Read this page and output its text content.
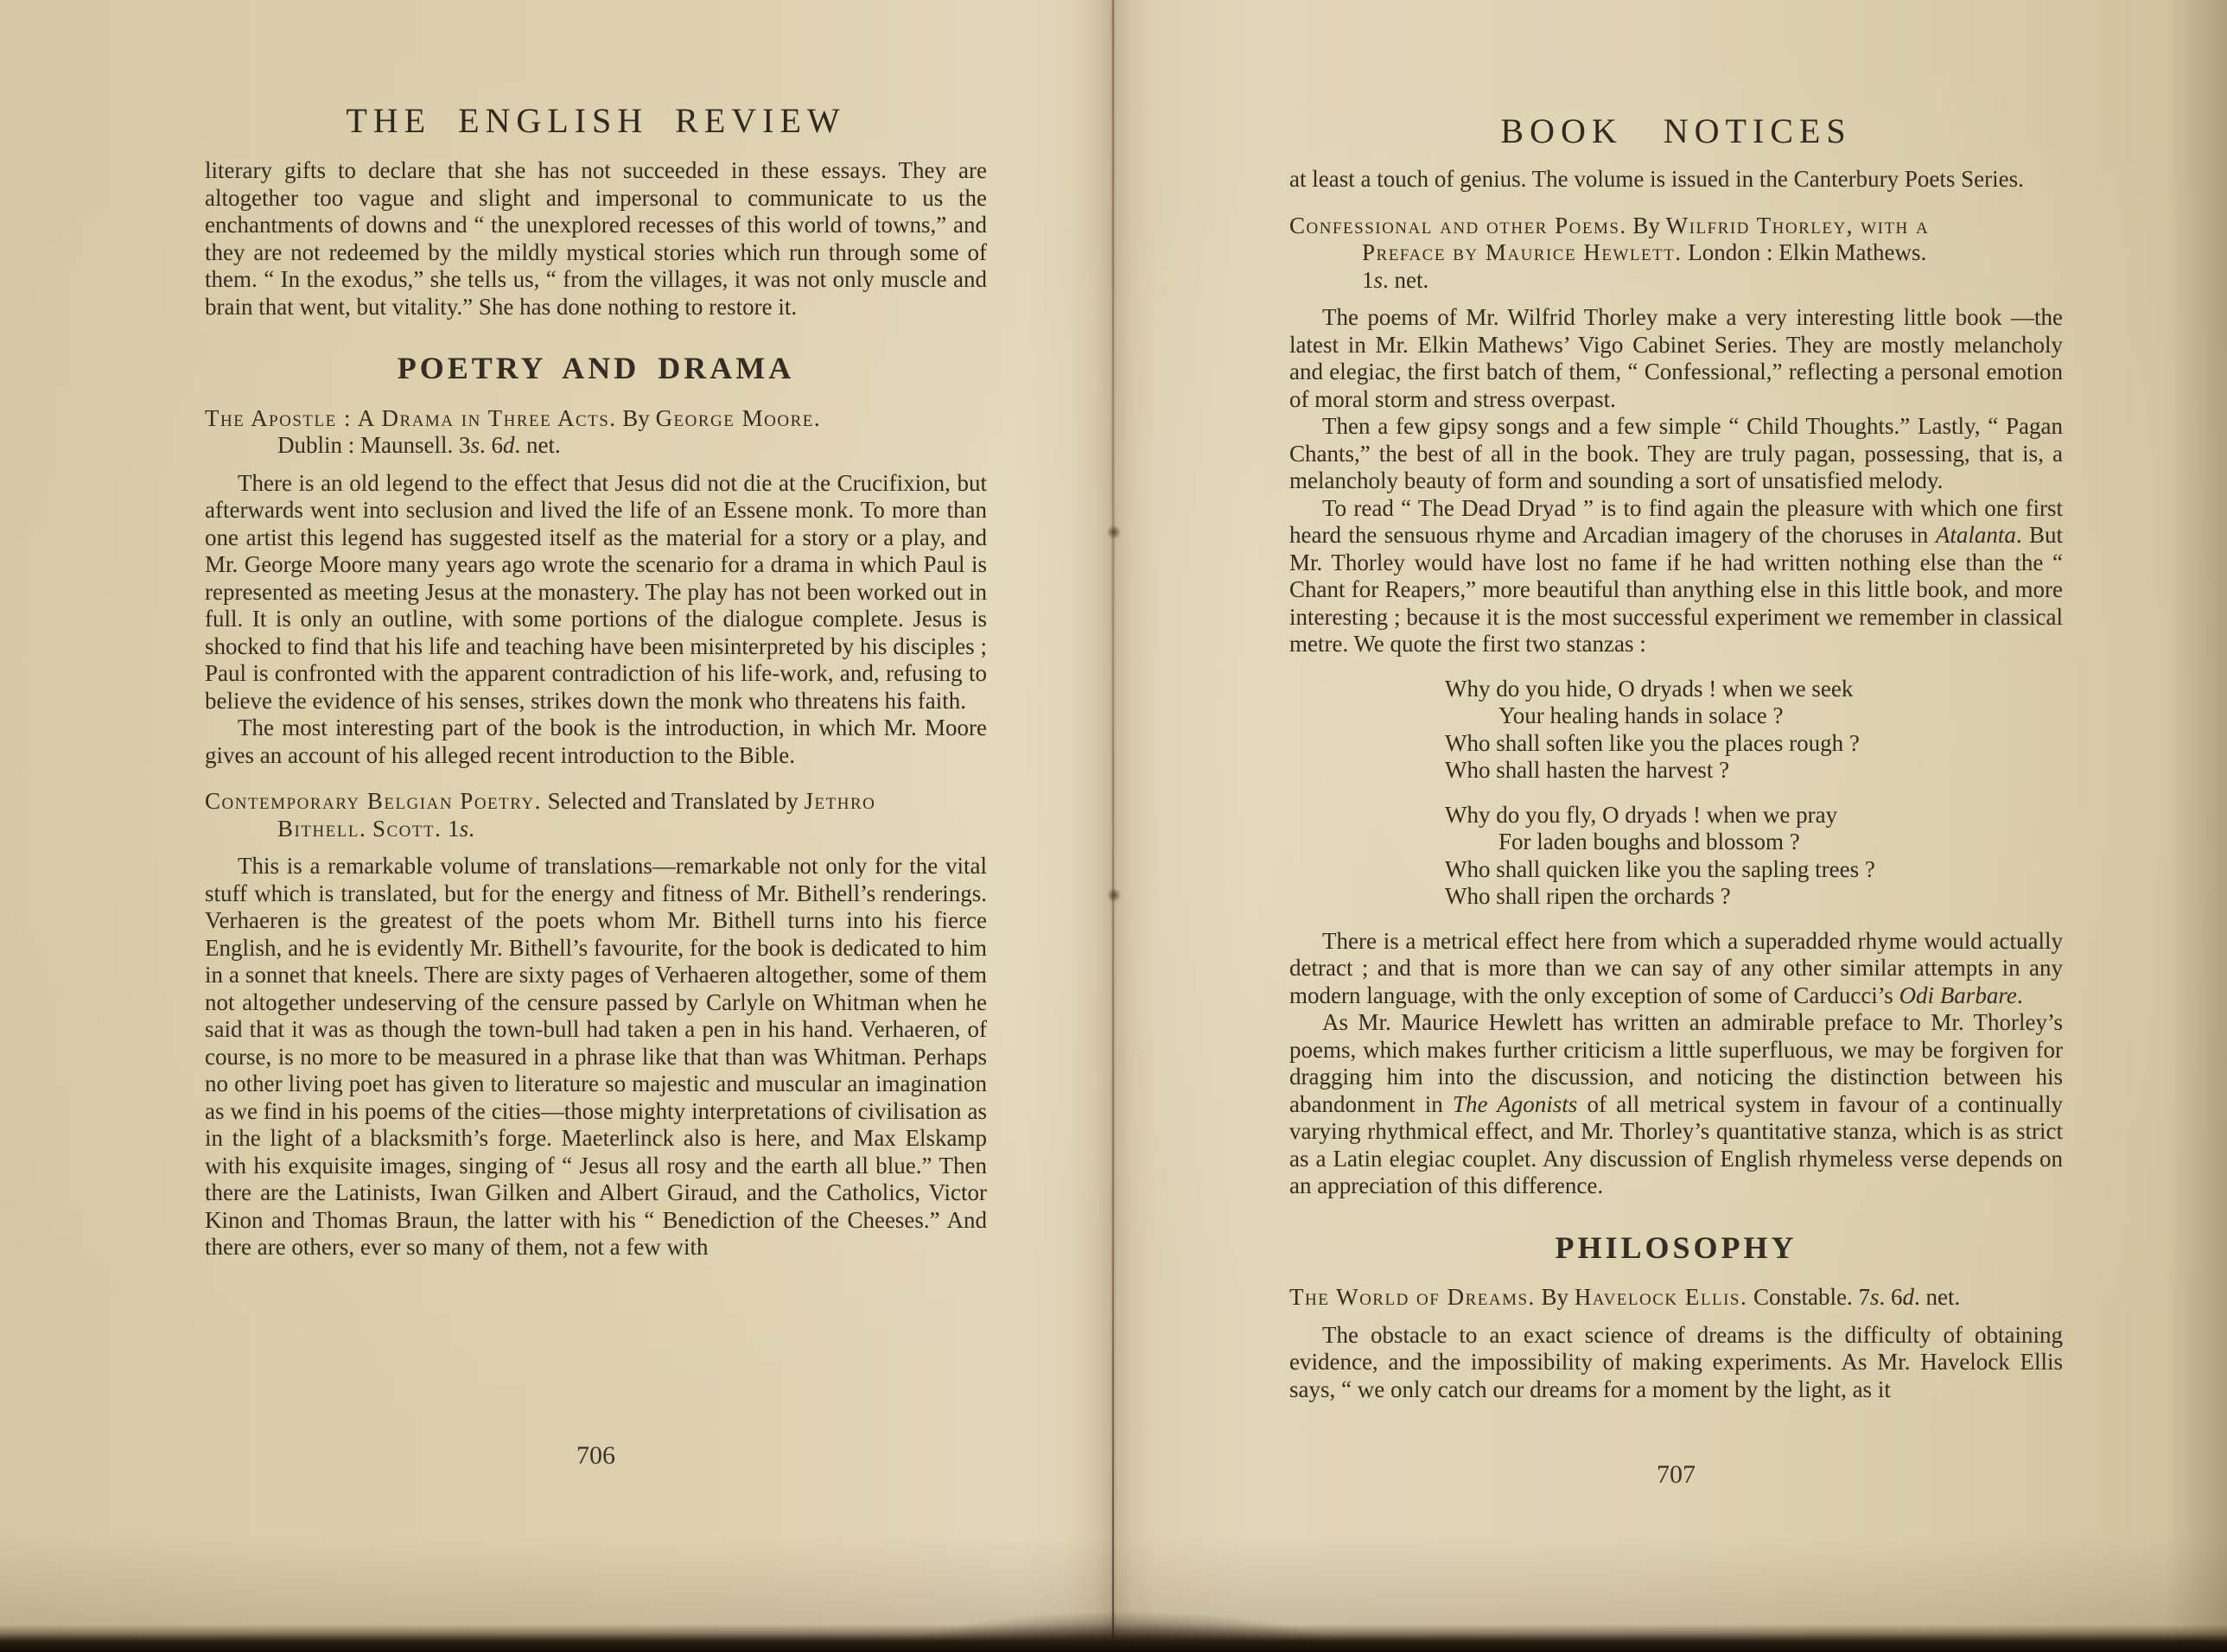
THE ENGLISH REVIEW	BOOK NOTICES

literary gifts to declare that she has not succeeded in these essays. They are altogether too vague and slight and impersonal to communicate to us the enchantments of downs and “ the unexplored recesses of this world of towns,” and they are not redeemed by the mildly mystical stories which run through some of them. “ In the exodus,” she tells us, “ from the villages, it was not only muscle and brain that went, but vitality.” She has done nothing to restore it.

POETRY AND DRAMA
The Apostle : A Drama in Three Acts. By George Moore.
Dublin : Maunsell. 3s. 6d. net.

There is an old legend to the effect that Jesus did not die at the Crucifixion, but afterwards went into seclusion and lived the life of an Essene monk. To more than one artist this legend has suggested itself as the material for a story or a play, and Mr. George Moore many years ago wrote the scenario for a drama in which Paul is represented as meeting Jesus at the monastery. The play has not been worked out in full. It is only an outline, with some portions of the dialogue complete. Jesus is shocked to find that his life and teaching have been misinterpreted by his disciples ; Paul is confronted with the apparent contradiction of his life-work, and, refusing to believe the evidence of his senses, strikes down the monk who threatens his faith.

The most interesting part of the book is the introduction, in which Mr. Moore gives an account of his alleged recent introduction to the Bible.

Contemporary Belgian Poetry. Selected and Translated by Jethro
Bithell. Scott. 1s.

This is a remarkable volume of translations—remarkable not only for the vital stuff which is translated, but for the energy and fitness of Mr. Bithell’s renderings. Verhaeren is the greatest of the poets whom Mr. Bithell turns into his fierce English, and he is evidently Mr. Bithell’s favourite, for the book is dedicated to him in a sonnet that kneels. There are sixty pages of Verhaeren altogether, some of them not altogether undeserving of the censure passed by Carlyle on Whitman when he said that it was as though the town-bull had taken a pen in his hand. Verhaeren, of course, is no more to be measured in a phrase like that than was Whitman. Perhaps no other living poet has given to literature so majestic and muscular an imagination as we find in his poems of the cities—those mighty interpretations of civilisation as in the light of a blacksmith’s forge. Maeterlinck also is here, and Max Elskamp with his exquisite images, singing of “ Jesus all rosy and the earth all blue.” Then there are the Latinists, Iwan Gilken and Albert Giraud, and the Catholics, Victor Kinon and Thomas Braun, the latter with his “ Benediction of the Cheeses.” And there are others, ever so many of them, not a few with

at least a touch of genius. The volume is issued in the Canterbury Poets Series.

Confessional and other Poems. By Wilfrid Thorley, with a
Preface by Maurice Hewlett. London : Elkin Mathews.
1s. net.

The poems of Mr. Wilfrid Thorley make a very interesting little book —the latest in Mr. Elkin Mathews’ Vigo Cabinet Series. They are mostly melancholy and elegiac, the first batch of them, “ Confessional,” reflecting a personal emotion of moral storm and stress overpast.

Then a few gipsy songs and a few simple “ Child Thoughts.” Lastly, “ Pagan Chants,” the best of all in the book. They are truly pagan, possessing, that is, a melancholy beauty of form and sounding a sort of unsatisfied melody.

To read “ The Dead Dryad ” is to find again the pleasure with which one first heard the sensuous rhyme and Arcadian imagery of the choruses in Atalanta. But Mr. Thorley would have lost no fame if he had written nothing else than the “ Chant for Reapers,” more beautiful than anything else in this little book, and more interesting ; because it is the most successful experiment we remember in classical metre. We quote the first two stanzas :

Why do you hide, O dryads ! when we seek
Your healing hands in solace ?
Who shall soften like you the places rough ?
Who shall hasten the harvest ?
Why do you fly, O dryads ! when we pray
For laden boughs and blossom ?
Who shall quicken like you the sapling trees ?
Who shall ripen the orchards ?

There is a metrical effect here from which a superadded rhyme would actually detract ; and that is more than we can say of any other similar attempts in any modern language, with the only exception of some of Carducci’s Odi Barbare.

As Mr. Maurice Hewlett has written an admirable preface to Mr. Thorley’s poems, which makes further criticism a little superfluous, we may be forgiven for dragging him into the discussion, and noticing the distinction between his abandonment in The Agonists of all metrical system in favour of a continually varying rhythmical effect, and Mr. Thorley’s quantitative stanza, which is as strict as a Latin elegiac couplet. Any discussion of English rhymeless verse depends on an appreciation of this difference.

PHILOSOPHY
The World of Dreams. By Havelock Ellis. Constable. 7s. 6d. net.

The obstacle to an exact science of dreams is the difficulty of obtaining evidence, and the impossibility of making experiments. As Mr. Havelock Ellis says, “ we only catch our dreams for a moment by the light, as it

706
707
